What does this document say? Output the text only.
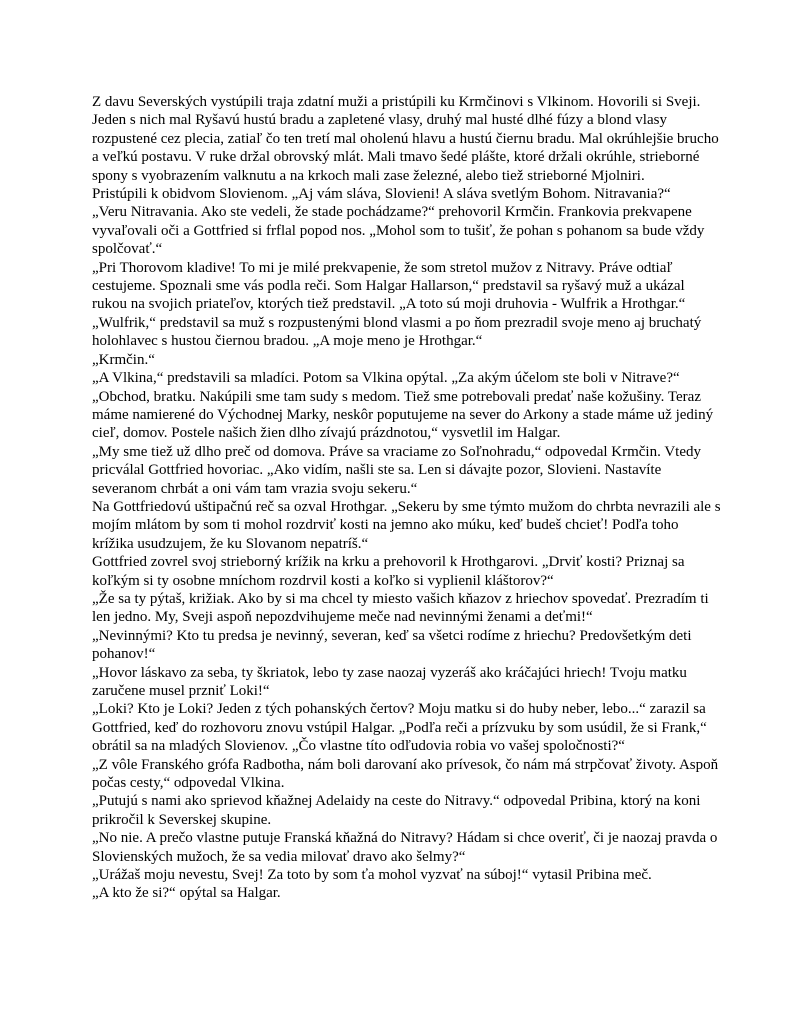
Z davu Severských vystúpili traja zdatní muži a pristúpili ku Krmčinovi s Vlkinom. Hovorili si Sveji. Jeden s nich mal Ryšavú hustú bradu a zapletené vlasy, druhý mal husté dlhé fúzy a blond vlasy rozpustené cez plecia, zatiaľ čo ten tretí mal oholenú hlavu a hustú čiernu bradu. Mal okrúhlejšie brucho a veľkú postavu. V ruke držal obrovský mlát. Mali tmavo šedé plášte, ktoré držali okrúhle, strieborné spony s vyobrazením valknutu a na krkoch mali zase železné, alebo tiež strieborné Mjolniri.

Pristúpili k obidvom Slovienom. „Aj vám sláva, Slovieni! A sláva svetlým Bohom. Nitravania?“

„Veru Nitravania. Ako ste vedeli, že stade pochádzame?“ prehovoril Krmčin. Frankovia prekvapene vyvaľovali oči a Gottfried si frflal popod nos. „Mohol som to tušiť, že pohan s pohanom sa bude vždy spolčovať.“

„Pri Thorovom kladive! To mi je milé prekvapenie, že som stretol mužov z Nitravy. Práve odtiaľ cestujeme. Spoznali sme vás podla reči. Som Halgar Hallarson,“ predstavil sa ryšavý muž a ukázal rukou na svojich priateľov, ktorých tiež predstavil. „A toto sú moji druhovia - Wulfrik a Hrothgar.“

„Wulfrik,“ predstavil sa muž s rozpustenými blond vlasmi a po ňom prezradil svoje meno aj bruchatý holohlavec s hustou čiernou bradou. „A moje meno je Hrothgar.“

„Krmčin.“

„A Vlkina,“ predstavili sa mladíci. Potom sa Vlkina opýtal. „Za akým účelom ste boli v Nitrave?“

„Obchod, bratku. Nakúpili sme tam sudy s medom. Tiež sme potrebovali predať naše kožušiny. Teraz máme namierené do Východnej Marky, neskôr poputujeme na sever do Arkony a stade máme už jediný cieľ, domov. Postele našich žien dlho zívajú prázdnotou,“ vysvetlil im Halgar.

„My sme tiež už dlho preč od domova. Práve sa vraciame zo Soľnohradu,“ odpovedal Krmčin. Vtedy pricválal Gottfried hovoriac. „Ako vidím, našli ste sa. Len si dávajte pozor, Slovieni. Nastavíte severanom chrbát a oni vám tam vrazia svoju sekeru.“

Na Gottfriedovú uštipačnú reč sa ozval Hrothgar. „Sekeru by sme týmto mužom do chrbta nevrazili ale s mojím mlátom by som ti mohol rozdrviť kosti na jemno ako múku, keď budeš chcieť! Podľa toho krížika usudzujem, že ku Slovanom nepatríš.“

Gottfried zovrel svoj strieborný krížik na krku a prehovoril k Hrothgarovi. „Drviť kosti? Priznaj sa koľkým si ty osobne mníchom rozdrvil kosti a koľko si vyplienil kláštorov?“

„Že sa ty pýtaš, križiak. Ako by si ma chcel ty miesto vašich kňazov z hriechov spovedať. Prezradím ti len jedno. My, Sveji aspoň nepozdvihujeme meče nad nevinnými ženami a deťmi!“

„Nevinnými? Kto tu predsa je nevinný, severan, keď sa všetci rodíme z hriechu? Predovšetkým deti pohanov!“

„Hovor láskavo za seba, ty škriatok, lebo ty zase naozaj vyzeráš ako kráčajúci hriech! Tvoju matku zaručene musel przniť Loki!“

„Loki? Kto je Loki? Jeden z tých pohanských čertov? Moju matku si do huby neber, lebo...“ zarazil sa Gottfried, keď do rozhovoru znovu vstúpil Halgar. „Podľa reči a prízvuku by som usúdil, že si Frank,“ obrátil sa na mladých Slovienov. „Čo vlastne títo odľudovia robia vo vašej spoločnosti?“

„Z vôle Franského grófa Radbotha, nám boli darovaní ako prívesok, čo nám má strpčovať životy. Aspoň počas cesty,“ odpovedal Vlkina.

„Putujú s nami ako sprievod kňažnej Adelaidy na ceste do Nitravy.“ odpovedal Pribina, ktorý na koni prikročil k Severskej skupine.

„No nie. A prečo vlastne putuje Franská kňažná do Nitravy? Hádam si chce overiť, či je naozaj pravda o Slovienských mužoch, že sa vedia milovať dravo ako šelmy?“

„Urážaš moju nevestu, Svej! Za toto by som ťa mohol vyzvať na súboj!“ vytasil Pribina meč.

„A kto že si?“ opýtal sa Halgar.
